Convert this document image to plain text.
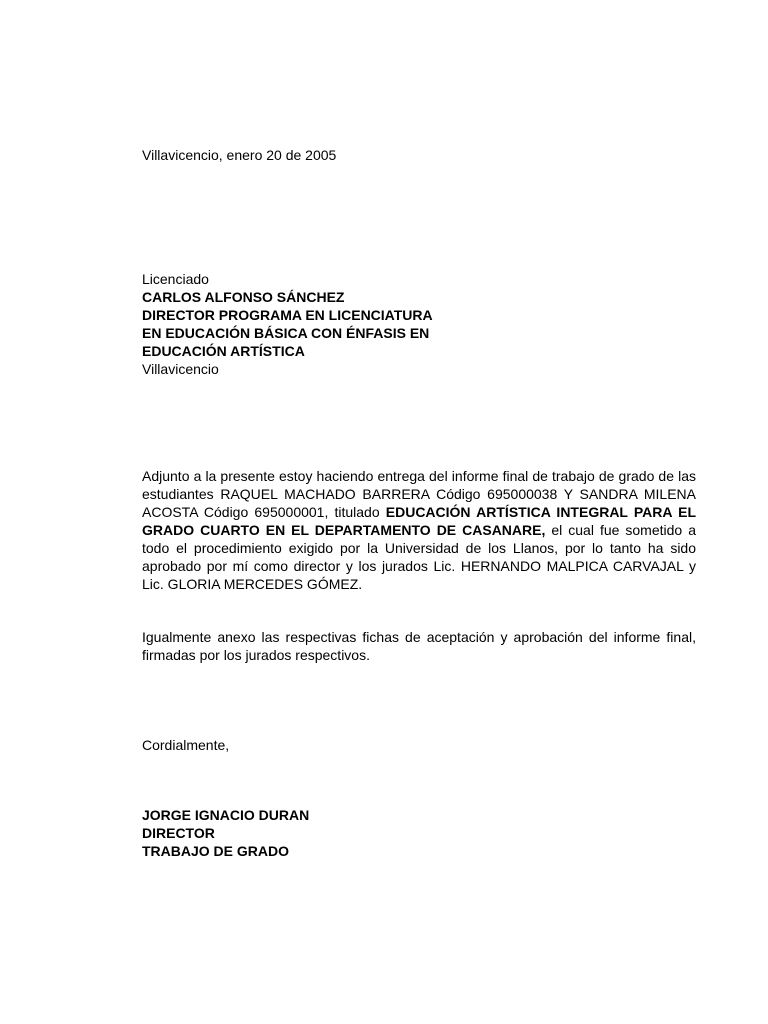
Villavicencio, enero 20 de 2005
Licenciado
CARLOS ALFONSO SÁNCHEZ
DIRECTOR PROGRAMA EN LICENCIATURA
EN EDUCACIÓN BÁSICA CON ÉNFASIS EN
EDUCACIÓN ARTÍSTICA
Villavicencio

Adjunto a la presente estoy haciendo entrega del informe final de trabajo de grado de las estudiantes RAQUEL MACHADO BARRERA Código 695000038 Y SANDRA MILENA ACOSTA Código 695000001, titulado EDUCACIÓN ARTÍSTICA INTEGRAL PARA EL GRADO CUARTO EN EL DEPARTAMENTO DE CASANARE, el cual fue sometido a todo el procedimiento exigido por la Universidad de los Llanos, por lo tanto ha sido aprobado por mí como director y los jurados Lic. HERNANDO MALPICA CARVAJAL y Lic. GLORIA MERCEDES GÓMEZ.

Igualmente anexo las respectivas fichas de aceptación y aprobación del informe final, firmadas por los jurados respectivos.

Cordialmente,
JORGE IGNACIO DURAN
DIRECTOR
TRABAJO DE GRADO
